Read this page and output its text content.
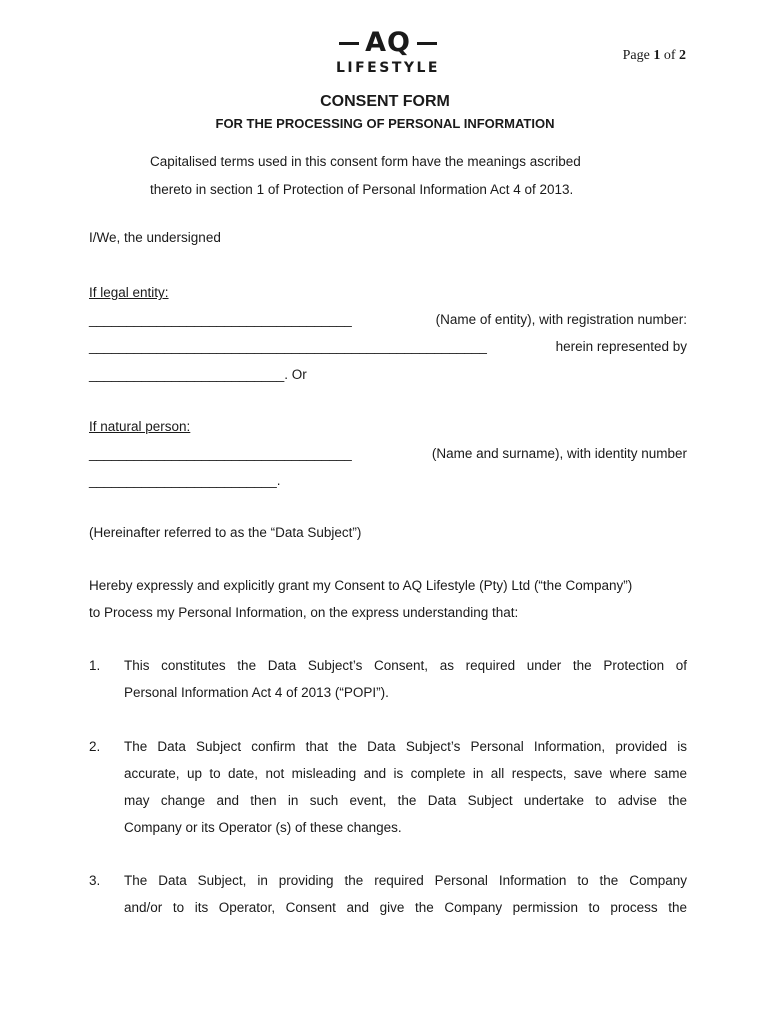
AQ
LIFESTYLE
Page 1 of 2
CONSENT FORM
FOR THE PROCESSING OF PERSONAL INFORMATION
Capitalised terms used in this consent form have the meanings ascribed
thereto in section 1 of Protection of Personal Information Act 4 of 2013.
I/We, the undersigned
If legal entity:
___________________________________	(Name of entity), with registration number:
_____________________________________________________	herein represented by
__________________________. Or
If natural person:
___________________________________	(Name and surname), with identity number
_________________________.
(Hereinafter referred to as the “Data Subject”)
Hereby expressly and explicitly grant my Consent to AQ Lifestyle (Pty) Ltd (“the Company”)
to Process my Personal Information, on the express understanding that:
1. This constitutes the Data Subject’s Consent, as required under the Protection of
Personal Information Act 4 of 2013 (“POPI”).
2. The Data Subject confirm that the Data Subject’s Personal Information, provided is
accurate, up to date, not misleading and is complete in all respects, save where same
may change and then in such event, the Data Subject undertake to advise the
Company or its Operator (s) of these changes.
3. The Data Subject, in providing the required Personal Information to the Company
and/or to its Operator, Consent and give the Company permission to process the
